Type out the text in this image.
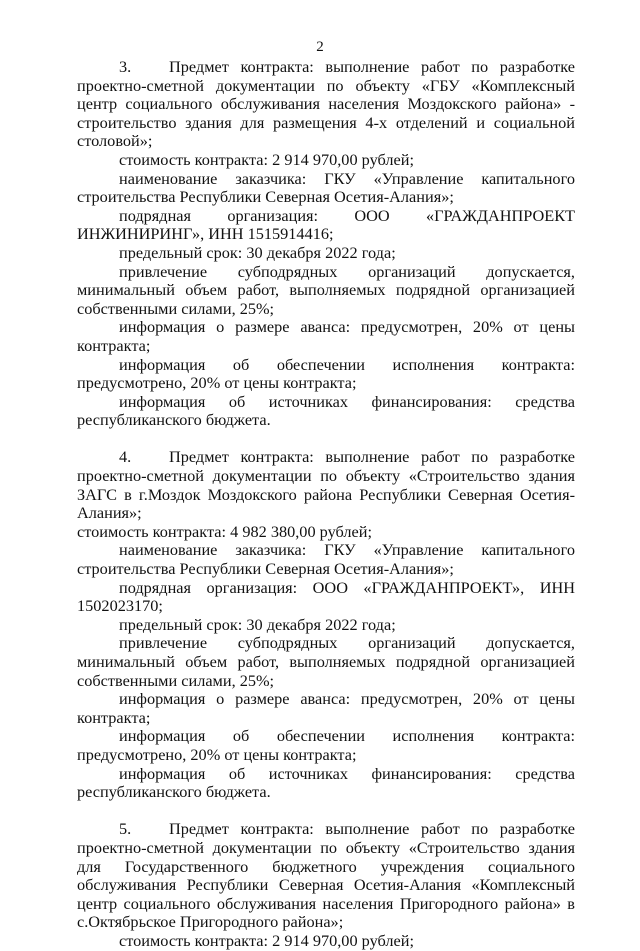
2

3. Предмет контракта: выполнение работ по разработке проектно-сметной документации по объекту «ГБУ «Комплексный центр социального обслуживания населения Моздокского района» - строительство здания для размещения 4-х отделений и социальной столовой»;

стоимость контракта: 2 914 970,00 рублей;

наименование заказчика: ГКУ «Управление капитального строительства Республики Северная Осетия-Алания»;

подрядная организация: ООО «ГРАЖДАНПРОЕКТ ИНЖИНИРИНГ», ИНН 1515914416;

предельный срок: 30 декабря 2022 года;

привлечение субподрядных организаций допускается, минимальный объем работ, выполняемых подрядной организацией собственными силами, 25%;

информация о размере аванса: предусмотрен, 20% от цены контракта;

информация об обеспечении исполнения контракта: предусмотрено, 20% от цены контракта;

информация об источниках финансирования: средства республиканского бюджета.

4. Предмет контракта: выполнение работ по разработке проектно-сметной документации по объекту «Строительство здания ЗАГС в г.Моздок Моздокского района Республики Северная Осетия-Алания»;

стоимость контракта: 4 982 380,00 рублей;

наименование заказчика: ГКУ «Управление капитального строительства Республики Северная Осетия-Алания»;

подрядная организация: ООО «ГРАЖДАНПРОЕКТ», ИНН 1502023170;

предельный срок: 30 декабря 2022 года;

привлечение субподрядных организаций допускается, минимальный объем работ, выполняемых подрядной организацией собственными силами, 25%;

информация о размере аванса: предусмотрен, 20% от цены контракта;

информация об обеспечении исполнения контракта: предусмотрено, 20% от цены контракта;

информация об источниках финансирования: средства республиканского бюджета.

5. Предмет контракта: выполнение работ по разработке проектно-сметной документации по объекту «Строительство здания для Государственного бюджетного учреждения социального обслуживания Республики Северная Осетия-Алания «Комплексный центр социального обслуживания населения Пригородного района» в с.Октябрьское Пригородного района»;

стоимость контракта: 2 914 970,00 рублей;
